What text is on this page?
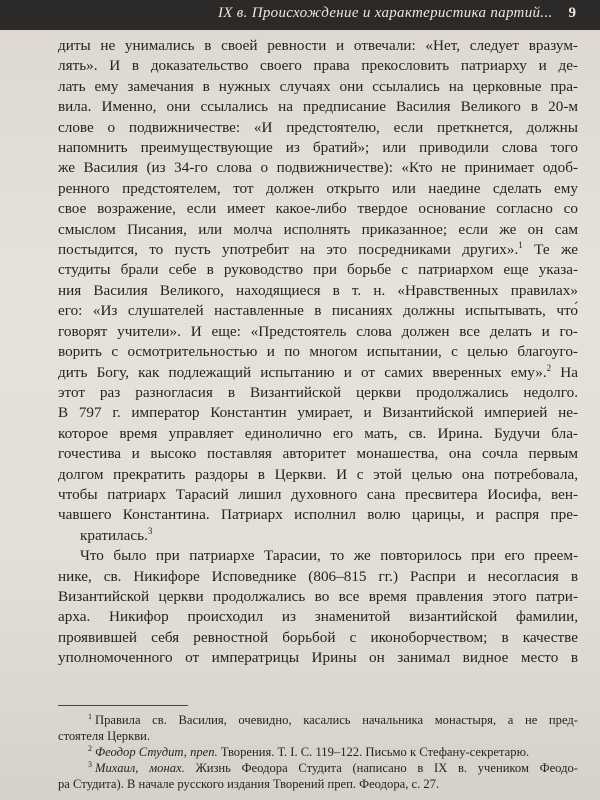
IX в. Происхождение и характеристика партий... 9
диты не унимались в своей ревности и отвечали: «Нет, следует вразум-
лять». И в доказательство своего права прекословить патриарху и де-
лать ему замечания в нужных случаях они ссылались на церковные пра-
вила. Именно, они ссылались на предписание Василия Великого в 20-м
слове о подвижничестве: «И предстоятелю, если преткнется, должны
напомнить преимуществующие из братий»; или приводили слова того
же Василия (из 34-го слова о подвижничестве): «Кто не принимает одоб-
ренного предстоятелем, тот должен открыто или наедине сделать ему
свое возражение, если имеет какое-либо твердое основание согласно со
смыслом Писания, или молча исполнять приказанное; если же он сам
постыдится, то пусть употребит на это посредниками других».$^1$ Те же
студиты брали себе в руководство при борьбе с патриархом еще указа-
ния Василия Великого, находящиеся в т. н. «Нравственных правилах»
его: «Из слушателей наставленные в писаниях должны испытывать, что́
говорят учители». И еще: «Предстоятель слова должен все делать и го-
ворить с осмотрительностью и по многом испытании, с целью благоуго-
дить Богу, как подлежащий испытанию и от самих вверенных ему».$^2$ На
этот раз разногласия в Византийской церкви продолжались недолго.
В 797 г. император Константин умирает, и Византийской империей не-
которое время управляет единолично его мать, св. Ирина. Будучи бла-
гочестива и высоко поставляя авторитет монашества, она сочла первым
долгом прекратить раздоры в Церкви. И с этой целью она потребовала,
чтобы патриарх Тарасий лишил духовного сана пресвитера Иосифа, вен-
чавшего Константина. Патриарх исполнил волю царицы, и распря пре-
кратилась.$^3$
Что было при патриархе Тарасии, то же повторилось при его преем-
нике, св. Никифоре Исповеднике (806–815 гг.) Распри и несогласия в
Византийской церкви продолжались во все время правления этого патри-
арха. Никифор происходил из знаменитой византийской фамилии,
проявившей себя ревностной борьбой с иконоборчеством; в качестве
уполномоченного от императрицы Ирины он занимал видное место в
$^1$ Правила св. Василия, очевидно, касались начальника монастыря, а не пред-
стоятеля Церкви.
$^2$ Феодор Студит, преп. Творения. Т. I. С. 119–122. Письмо к Стефану-секретарю.
$^3$ Михаил, монах. Жизнь Феодора Студита (написано в IX в. учеником Феодо-
ра Студита). В начале русского издания Творений преп. Феодора, с. 27.
